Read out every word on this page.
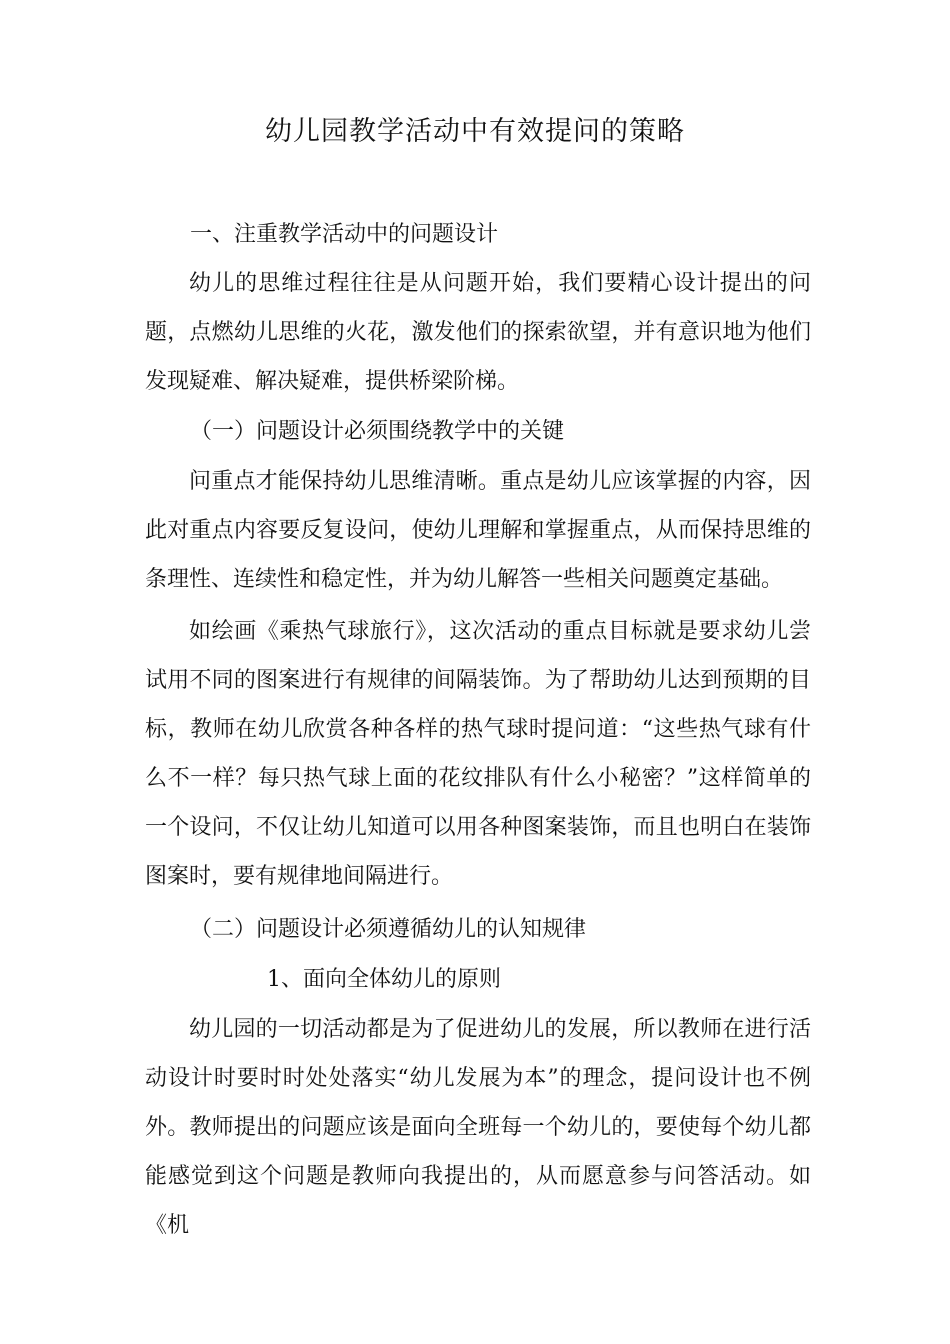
幼儿园教学活动中有效提问的策略
一、注重教学活动中的问题设计
幼儿的思维过程往往是从问题开始，我们要精心设计提出的问题，点燃幼儿思维的火花，激发他们的探索欲望，并有意识地为他们发现疑难、解决疑难，提供桥梁阶梯。
（一）问题设计必须围绕教学中的关键
问重点才能保持幼儿思维清晰。重点是幼儿应该掌握的内容，因此对重点内容要反复设问，使幼儿理解和掌握重点，从而保持思维的条理性、连续性和稳定性，并为幼儿解答一些相关问题奠定基础。
如绘画《乘热气球旅行》，这次活动的重点目标就是要求幼儿尝试用不同的图案进行有规律的间隔装饰。为了帮助幼儿达到预期的目标，教师在幼儿欣赏各种各样的热气球时提问道：“这些热气球有什么不一样？每只热气球上面的花纹排队有什么小秘密？”这样简单的一个设问，不仅让幼儿知道可以用各种图案装饰，而且也明白在装饰图案时，要有规律地间隔进行。
（二）问题设计必须遵循幼儿的认知规律
1、面向全体幼儿的原则
幼儿园的一切活动都是为了促进幼儿的发展，所以教师在进行活动设计时要时时处处落实“幼儿发展为本”的理念，提问设计也不例外。教师提出的问题应该是面向全班每一个幼儿的，要使每个幼儿都能感觉到这个问题是教师向我提出的，从而愿意参与问答活动。如《机
